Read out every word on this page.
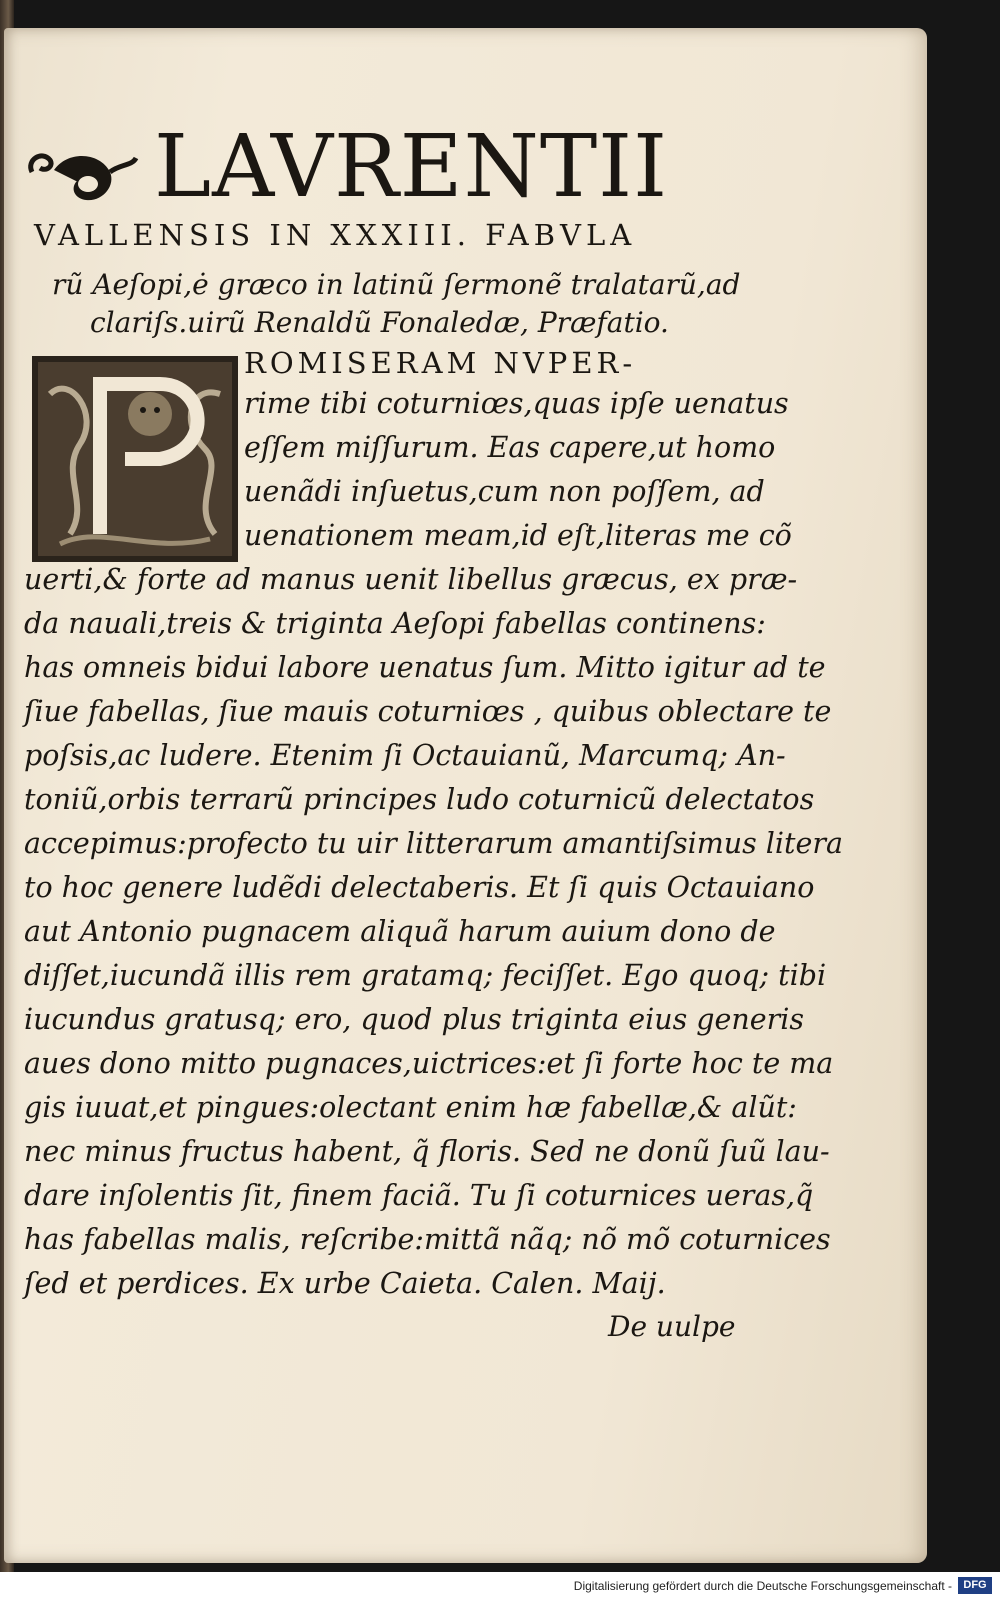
LAVRENTII
VALLENSIS IN XXXIII. FABVLA
rũ Aeſopi,ė græco in latinũ ſermonẽ tralatarũ,ad
clariſs.uirũ Renaldũ Fonaledæ, Præfatio.
P
ROMISERAM NVPER-
rime tibi coturniœs,quas ipſe uenatus
eſſem miſſurum. Eas capere,ut homo
uenãdi inſuetus,cum non poſſem, ad
uenationem meam,id eſt,literas me cõ
uerti,& forte ad manus uenit libellus græcus, ex præ-
da nauali,treis & triginta Aeſopi fabellas continens:
has omneis bidui labore uenatus ſum. Mitto igitur ad te
ſiue fabellas, ſiue mauis coturniœs , quibus oblectare te
poſsis,ac ludere. Etenim ſi Octauianũ, Marcumq; An-
toniũ,orbis terrarũ principes ludo coturnicũ delectatos
accepimus:profecto tu uir litterarum amantiſsimus litera
to hoc genere ludẽdi delectaberis. Et ſi quis Octauiano
aut Antonio pugnacem aliquã harum auium dono de
diſſet,iucundã illis rem gratamq; feciſſet. Ego quoq; tibi
iucundus gratusq; ero, quod plus triginta eius generis
aues dono mitto pugnaces,uictrices:et ſi forte hoc te ma
gis iuuat,et pingues:olectant enim hæ fabellæ,& alũt:
nec minus fructus habent, q̃ floris. Sed ne donũ ſuũ lau-
dare inſolentis ſit, finem faciã. Tu ſi coturnices ueras,q̃
has fabellas malis, reſcribe:mittã nãq; nõ mõ coturnices
ſed et perdices. Ex urbe Caieta. Calen. Maij.
De uulpe
Digitalisierung gefördert durch die Deutsche Forschungsgemeinschaft -	DFG
